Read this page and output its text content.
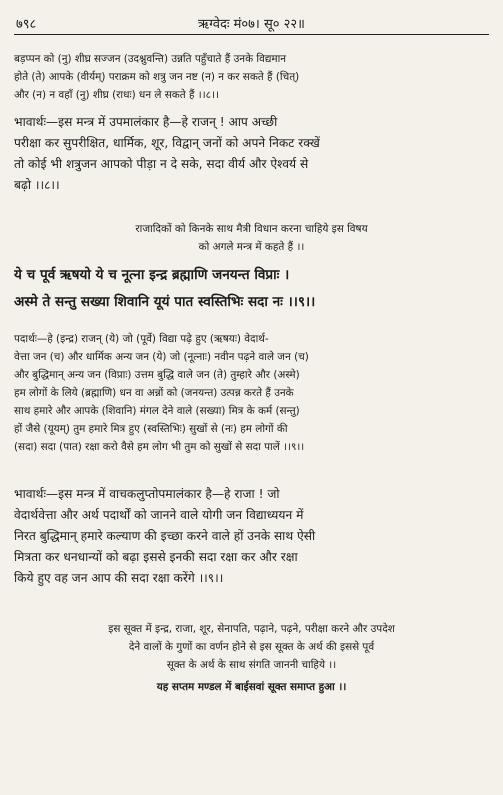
७९८	ऋग्वेदः मं०७। सू० २२॥
बड़प्पन को (नु) शीघ्र सज्जन (उदश्नुवन्ति) उन्नति पहुँचाते हैं उनके विद्यमान
होते (ते) आपके (वीर्यम्) पराक्रम को शत्रु जन नष्ट (न) न कर सकते हैं (चित्)
और (न) न वहाँ (नु) शीघ्र (राधः) धन ले सकते हैं ।।८।।
भावार्थः—इस मन्त्र में उपमालंकार है—हे राजन् ! आप अच्छी
परीक्षा कर सुपरीक्षित, धार्मिक, शूर, विद्वान् जनों को अपने निकट रक्खें
तो कोई भी शत्रुजन आपको पीड़ा न दे सके, सदा वीर्य और ऐश्वर्य से
बढ़ो ।।८।।
राजादिकों को किनके साथ मैत्री विधान करना चाहिये इस विषय
को अगले मन्त्र में कहते हैं ।।
ये च पूर्व ऋषयो ये च नूत्ना इन्द्र ब्रह्माणि जनयन्त विप्राः ।
अस्मे ते सन्तु सख्या शिवानि यूयं पात स्वस्तिभिः सदा नः ।।९।।
पदार्थः—हे (इन्द्र) राजन् (ये) जो (पूर्वे) विद्या पढ़े हुए (ऋषयः) वेदार्थ-
वेत्ता जन (च) और धार्मिक अन्य जन (ये) जो (नूत्नाः) नवीन पढ़ने वाले जन (च)
और बुद्धिमान् अन्य जन (विप्राः) उत्तम बुद्धि वाले जन (ते) तुम्हारे और (अस्मे)
हम लोगों के लिये (ब्रह्माणि) धन वा अन्नों को (जनयन्त) उत्पन्न करते हैं उनके
साथ हमारे और आपके (शिवानि) मंगल देने वाले (सख्या) मित्र के कर्म (सन्तु)
हों जैसे (यूयम्) तुम हमारे मित्र हुए (स्वस्तिभिः) सुखों से (नः) हम लोगों की
(सदा) सदा (पात) रक्षा करो वैसे हम लोग भी तुम को सुखों से सदा पालें ।।९।।
भावार्थः—इस मन्त्र में वाचकलुप्तोपमालंकार है—हे राजा ! जो
वेदार्थवेत्ता और अर्थ पदार्थों को जानने वाले योगी जन विद्याध्ययन में
निरत बुद्धिमान् हमारे कल्याण की इच्छा करने वाले हों उनके साथ ऐसी
मित्रता कर धनधान्यों को बढ़ा इससे इनकी सदा रक्षा कर और रक्षा
किये हुए वह जन आप की सदा रक्षा करेंगे ।।९।।
इस सूक्त में इन्द्र, राजा, शूर, सेनापति, पढ़ाने, पढ़ने, परीक्षा करने और उपदेश
देने वालों के गुणों का वर्णन होने से इस सूक्त के अर्थ की इससे पूर्व
सूक्त के अर्थ के साथ संगति जाननी चाहिये ।।
यह सप्तम मण्डल में बाईसवां सूक्त समाप्त हुआ ।।
